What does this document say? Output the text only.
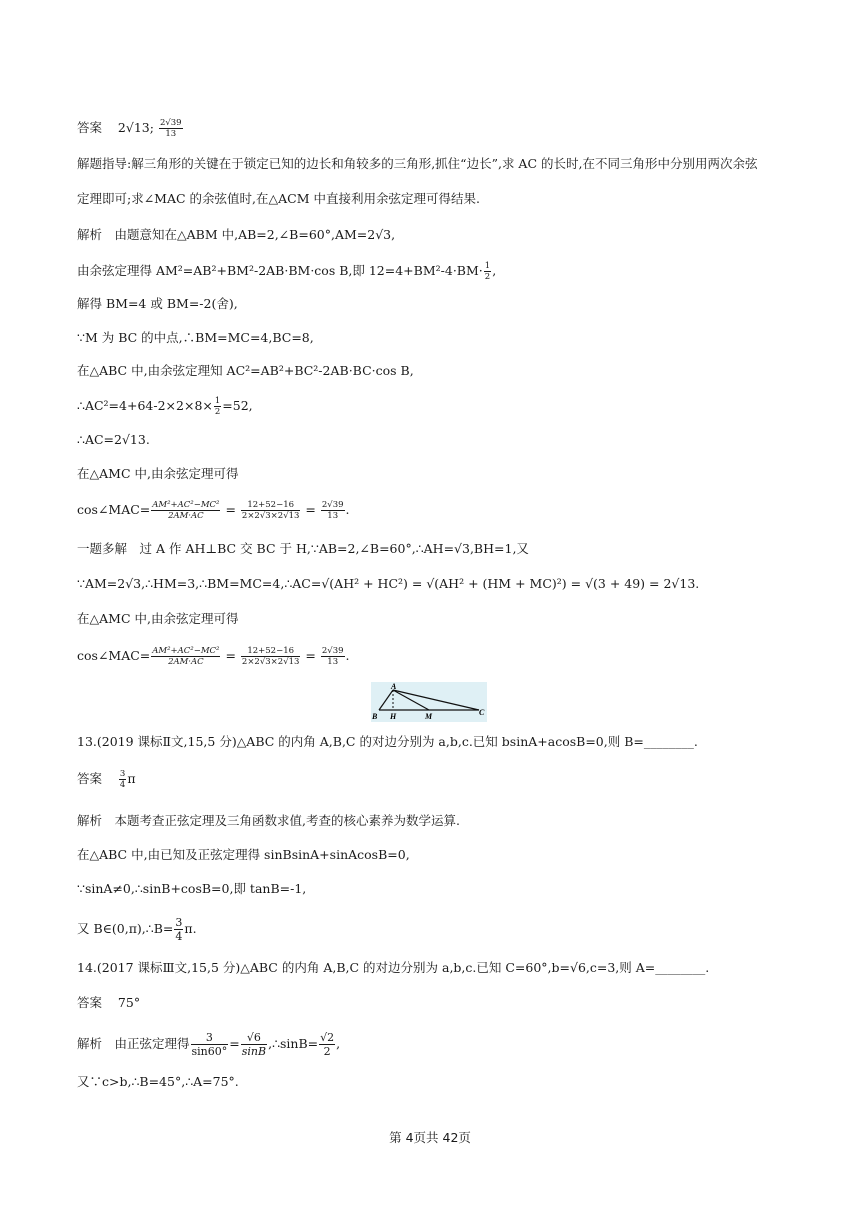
答案 2√13; $\frac{2√39}{13}$
解题指导:解三角形的关键在于锁定已知的边长和角较多的三角形,抓住“边长”,求 AC 的长时,在不同三角形中分别用两次余弦
定理即可;求∠MAC 的余弦值时,在△ACM 中直接利用余弦定理可得结果.
解析　由题意知在△ABM 中,AB=2,∠B=60°,AM=2√3,
由余弦定理得 AM²=AB²+BM²-2AB·BM·cos B,即 $12=4+BM^2-4\cdot BM\cdot \frac{1}{2}$ ,
解得 BM=4 或 BM=-2(舍),
∵M 为 BC 的中点,∴BM=MC=4,BC=8,
在△ABC 中,由余弦定理知 AC²=AB²+BC²-2AB·BC·cos B,
∴AC²=4+64-2×2×8× $\frac{1}{2} =52$,
∴AC=2√13.
在△AMC 中,由余弦定理可得
cos∠MAC= $\frac{\text{AM²+AC²−MC²}}{2AM\cdot AC} = \frac{12+52-16}{2\times 2√3\times 2√13} = \frac{2√39}{13}$ .
一题多解　过 A 作 AH⊥BC 交 BC 于 H,∵AB=2,∠B=60°,∴AH=√3,BH=1,又
∵AM=2√3,∴HM=3,∴BM=MC=4,∴AC=√(AH² + HC²) = √(AH² + (HM + MC)²) = √(3 + 49) = 2√13.
在△AMC 中,由余弦定理可得
cos∠MAC= $\frac{\text{AM²+AC²−MC²}}{2AM\cdot AC} = \frac{12+52-16}{2\times 2√3\times 2√13} = \frac{2√39}{13}$ .
A
B H	M	C
13.(2019 课标Ⅱ文,15,5 分)△ABC 的内角 A,B,C 的对边分别为 a,b,c.已知 bsinA+acosB=0,则 B=________.
答案 $\frac{3}{4}$ π
解析　本题考查正弦定理及三角函数求值,考查的核心素养为数学运算.
在△ABC 中,由已知及正弦定理得 sinBsinA+sinAcosB=0,
∵sinA≠0,∴sinB+cosB=0,即 tanB=-1,
又 B∈(0,π),∴B= $\frac{3}{4} \pi$.
14.(2017 课标Ⅲ文,15,5 分)△ABC 的内角 A,B,C 的对边分别为 a,b,c.已知 C=60°,b=√6,c=3,则 A=________.
答案 75°
解析　由正弦定理得 $\frac{3}{\sin 60^\circ} = \frac{√6}{\sin B}$ ,∴sinB= $\frac{√2}{2}$ ,
又∵c>b,∴B=45°,∴A=75°.
第 4页共 42页
